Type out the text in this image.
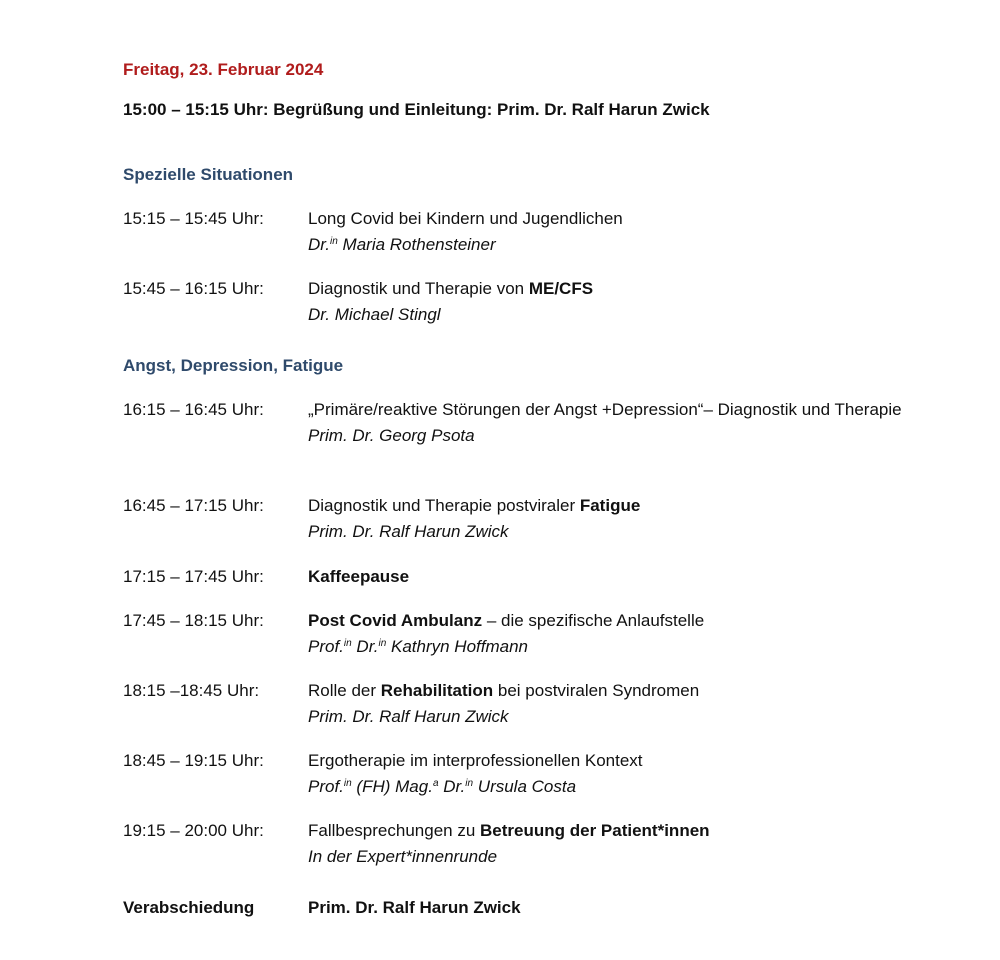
Freitag, 23. Februar 2024
15:00 – 15:15 Uhr: Begrüßung und Einleitung: Prim. Dr. Ralf Harun Zwick
Spezielle Situationen
15:15 – 15:45 Uhr:	Long Covid bei Kindern und Jugendlichen
Dr.$^{in}$ Maria Rothensteiner
15:45 – 16:15 Uhr:	Diagnostik und Therapie von ME/CFS
Dr. Michael Stingl
Angst, Depression, Fatigue
16:15 – 16:45 Uhr:	„Primäre/reaktive Störungen der Angst +Depression“– Diagnostik und Therapie
Prim. Dr. Georg Psota
16:45 – 17:15 Uhr:	Diagnostik und Therapie postviraler Fatigue
Prim. Dr. Ralf Harun Zwick
17:15 – 17:45 Uhr:	Kaffeepause
17:45 – 18:15 Uhr:	Post Covid Ambulanz – die spezifische Anlaufstelle
Prof.$^{in}$ Dr.$^{in}$ Kathryn Hoffmann
18:15 –18:45 Uhr:	Rolle der Rehabilitation bei postviralen Syndromen
Prim. Dr. Ralf Harun Zwick
18:45 – 19:15 Uhr:	Ergotherapie im interprofessionellen Kontext
Prof.$^{in}$ (FH) Mag.$^a$ Dr.$^{in}$ Ursula Costa
19:15 – 20:00 Uhr:	Fallbesprechungen zu Betreuung der Patient*innen
In der Expert*innenrunde
Verabschiedung	Prim. Dr. Ralf Harun Zwick
